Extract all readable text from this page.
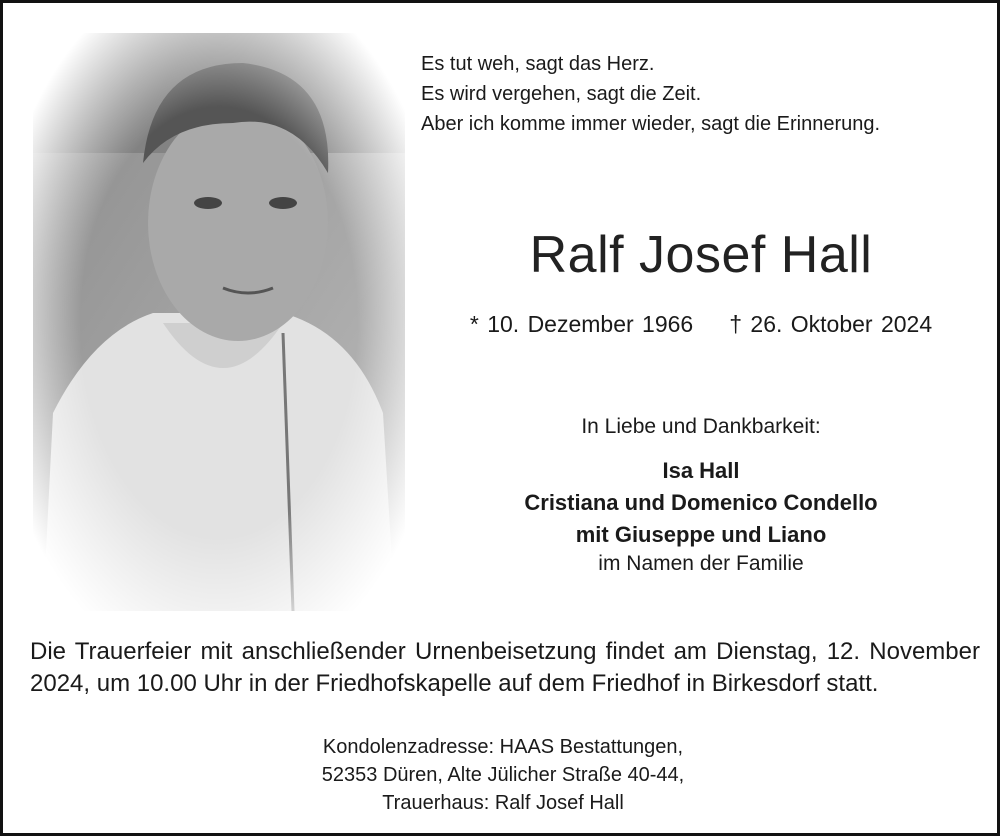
Es tut weh, sagt das Herz.
Es wird vergehen, sagt die Zeit.
Aber ich komme immer wieder, sagt die Erinnerung.
Ralf Josef Hall
* 10. Dezember 1966 † 26. Oktober 2024
In Liebe und Dankbarkeit:
Isa Hall
Cristiana und Domenico Condello
mit Giuseppe und Liano
im Namen der Familie
Die Trauerfeier mit anschließender Urnenbeisetzung findet am Dienstag, 12. November 2024, um 10.00 Uhr in der Friedhofskapelle auf dem Friedhof in Birkesdorf statt.
Kondolenzadresse: HAAS Bestattungen,
52353 Düren, Alte Jülicher Straße 40-44,
Trauerhaus: Ralf Josef Hall
